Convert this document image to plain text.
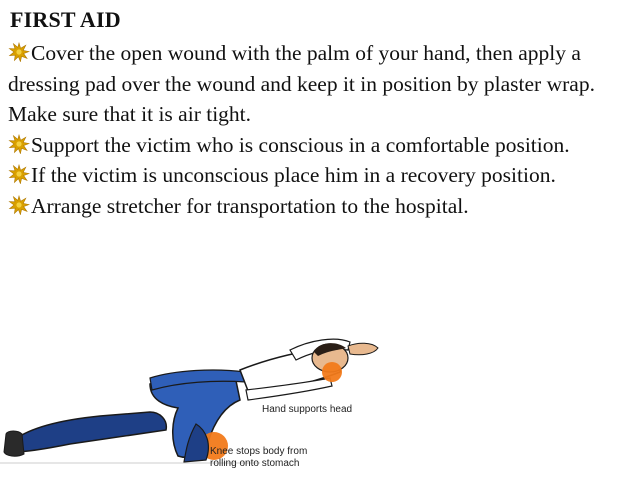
FIRST AID

Cover the open wound with the palm of your hand, then apply a dressing pad over the wound and keep it in position by plaster wrap. Make sure that it is air tight.

Support the victim who is conscious in a comfortable position.

If the victim is unconscious place him in a recovery position.

Arrange stretcher for transportation to the hospital.

Hand supports head
Knee stops body from
rolling onto stomach
